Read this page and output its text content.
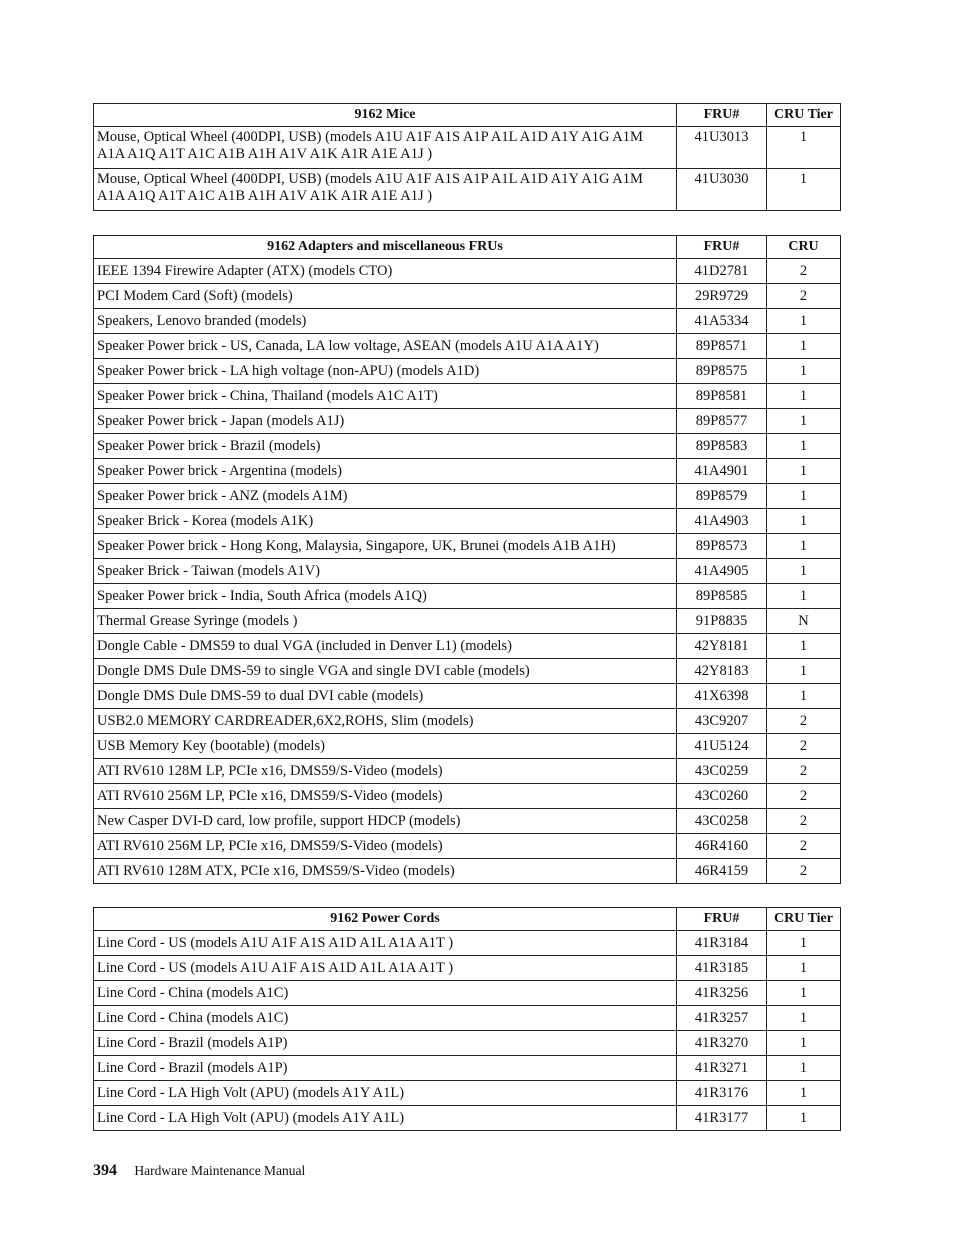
9162 Mice	FRU#	CRU Tier
Mouse, Optical Wheel (400DPI, USB) (models A1U A1F A1S A1P A1L A1D A1Y A1G A1M A1A A1Q A1T A1C A1B A1H A1V A1K A1R A1E A1J )	41U3013	1
Mouse, Optical Wheel (400DPI, USB) (models A1U A1F A1S A1P A1L A1D A1Y A1G A1M A1A A1Q A1T A1C A1B A1H A1V A1K A1R A1E A1J )	41U3030	1
9162 Adapters and miscellaneous FRUs	FRU#	CRU
IEEE 1394 Firewire Adapter (ATX) (models CTO)	41D2781	2
PCI Modem Card (Soft) (models)	29R9729	2
Speakers, Lenovo branded (models)	41A5334	1
Speaker Power brick - US, Canada, LA low voltage, ASEAN (models A1U A1A A1Y)	89P8571	1
Speaker Power brick - LA high voltage (non-APU) (models A1D)	89P8575	1
Speaker Power brick - China, Thailand (models A1C A1T)	89P8581	1
Speaker Power brick - Japan (models A1J)	89P8577	1
Speaker Power brick - Brazil (models)	89P8583	1
Speaker Power brick - Argentina (models)	41A4901	1
Speaker Power brick - ANZ (models A1M)	89P8579	1
Speaker Brick - Korea (models A1K)	41A4903	1
Speaker Power brick - Hong Kong, Malaysia, Singapore, UK, Brunei (models A1B A1H)	89P8573	1
Speaker Brick - Taiwan (models A1V)	41A4905	1
Speaker Power brick - India, South Africa (models A1Q)	89P8585	1
Thermal Grease Syringe (models )	91P8835	N
Dongle Cable - DMS59 to dual VGA (included in Denver L1) (models)	42Y8181	1
Dongle DMS Dule DMS-59 to single VGA and single DVI cable (models)	42Y8183	1
Dongle DMS Dule DMS-59 to dual DVI cable (models)	41X6398	1
USB2.0 MEMORY CARDREADER,6X2,ROHS, Slim (models)	43C9207	2
USB Memory Key (bootable) (models)	41U5124	2
ATI RV610 128M LP, PCIe x16, DMS59/S-Video (models)	43C0259	2
ATI RV610 256M LP, PCIe x16, DMS59/S-Video (models)	43C0260	2
New Casper DVI-D card, low profile, support HDCP (models)	43C0258	2
ATI RV610 256M LP, PCIe x16, DMS59/S-Video (models)	46R4160	2
ATI RV610 128M ATX, PCIe x16, DMS59/S-Video (models)	46R4159	2
9162 Power Cords	FRU#	CRU Tier
Line Cord - US (models A1U A1F A1S A1D A1L A1A A1T )	41R3184	1
Line Cord - US (models A1U A1F A1S A1D A1L A1A A1T )	41R3185	1
Line Cord - China (models A1C)	41R3256	1
Line Cord - China (models A1C)	41R3257	1
Line Cord - Brazil (models A1P)	41R3270	1
Line Cord - Brazil (models A1P)	41R3271	1
Line Cord - LA High Volt (APU) (models A1Y A1L)	41R3176	1
Line Cord - LA High Volt (APU) (models A1Y A1L)	41R3177	1
394 Hardware Maintenance Manual
